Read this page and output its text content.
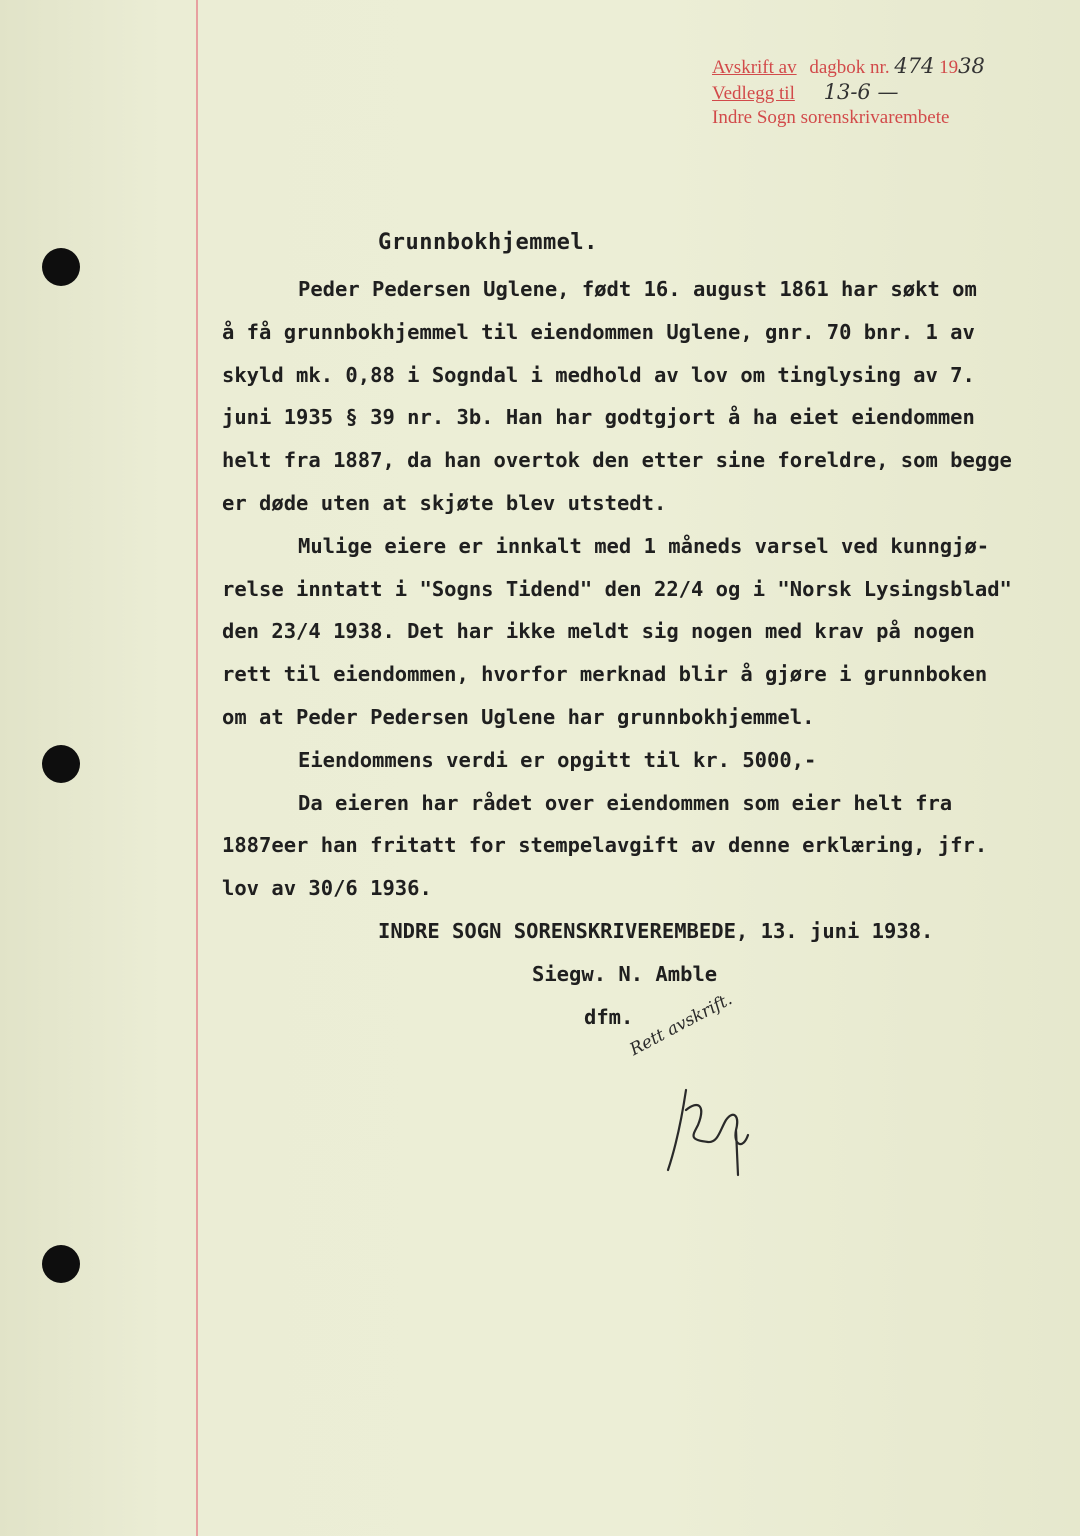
Avskrift av dagbok nr. 474 1938
Vedlegg til 13-6 —
Indre Sogn sorenskrivarembete
Grunnbokhjemmel.

Peder Pedersen Uglene, født 16. august 1861 har søkt om

å få grunnbokhjemmel til eiendommen Uglene, gnr. 70 bnr. 1 av

skyld mk. 0,88 i Sogndal i medhold av lov om tinglysing av 7.

juni 1935 § 39 nr. 3b. Han har godtgjort å ha eiet eiendommen

helt fra 1887, da han overtok den etter sine foreldre, som begge

er døde uten at skjøte blev utstedt.

Mulige eiere er innkalt med 1 måneds varsel ved kunngjø-

relse inntatt i "Sogns Tidend" den 22/4 og i "Norsk Lysingsblad"

den 23/4 1938. Det har ikke meldt sig nogen med krav på nogen

rett til eiendommen, hvorfor merknad blir å gjøre i grunnboken

om at Peder Pedersen Uglene har grunnbokhjemmel.

Eiendommens verdi er opgitt til kr. 5000,-

Da eieren har rådet over eiendommen som eier helt fra

1887eer han fritatt for stempelavgift av denne erklæring, jfr.

lov av 30/6 1936.

INDRE SOGN SORENSKRIVEREMBEDE, 13. juni 1938.

Siegw. N. Amble

dfm.

Rett avskrift.
